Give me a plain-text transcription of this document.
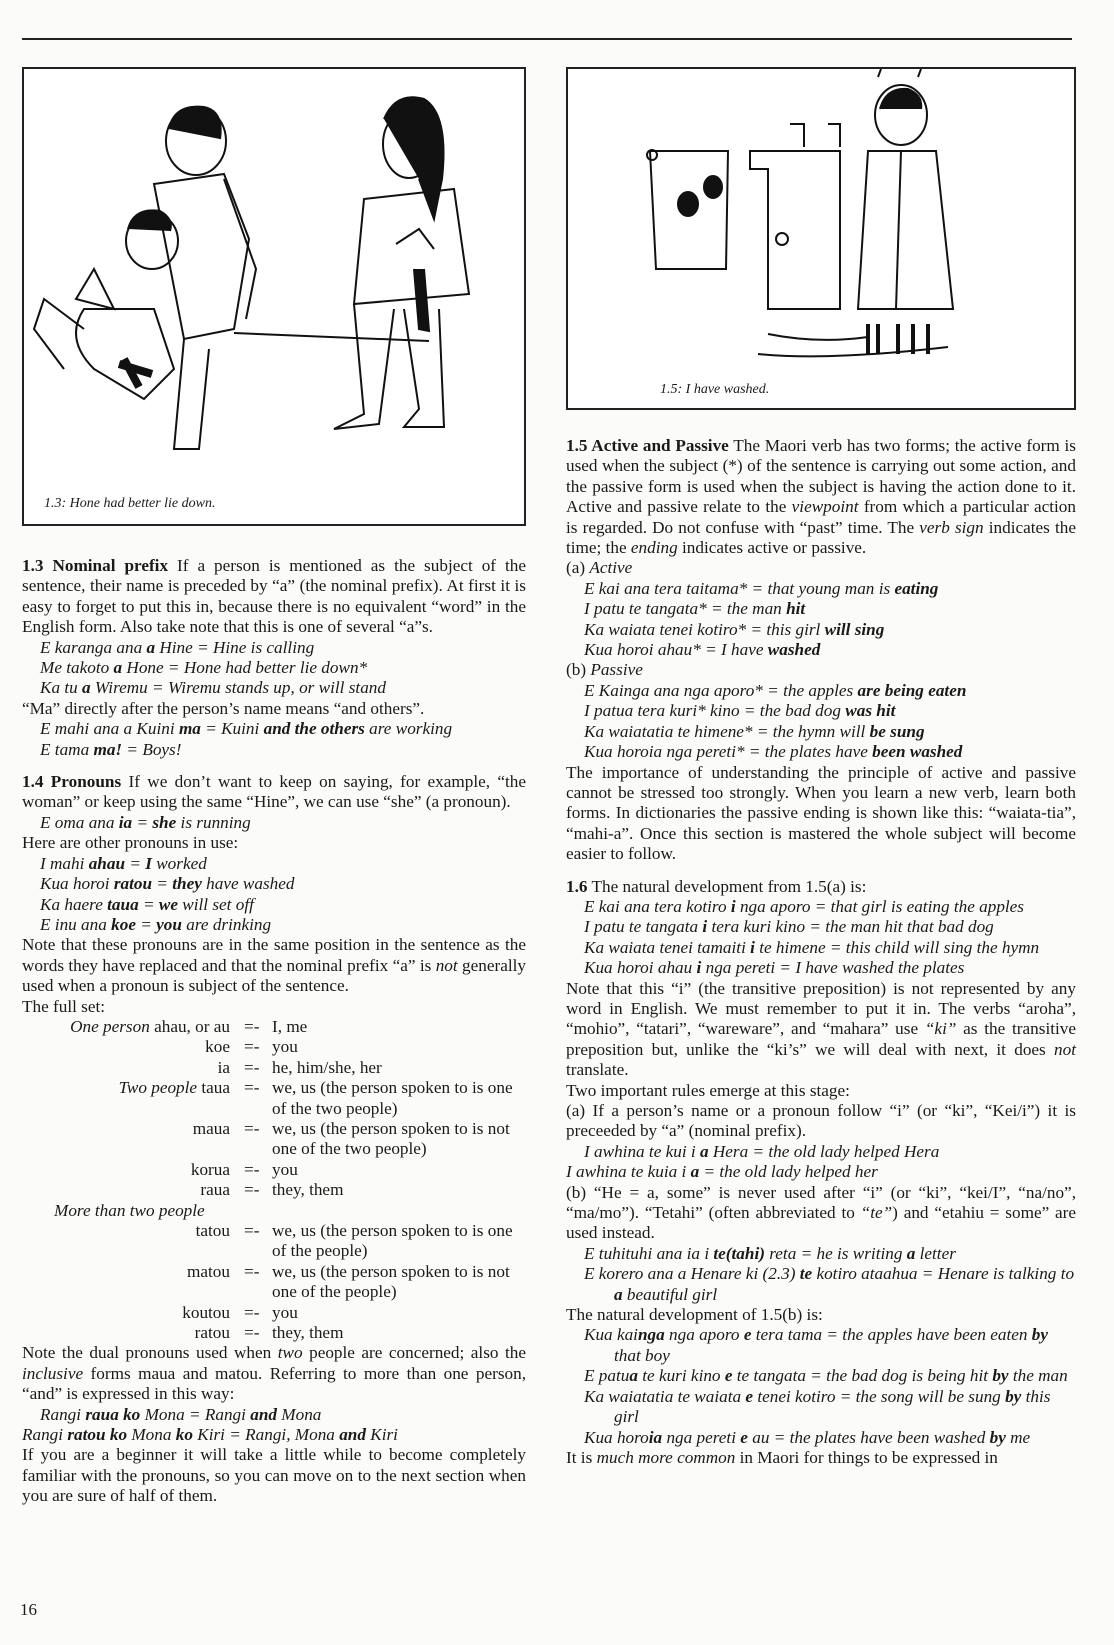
1.3: Hone had better lie down.
1.5: I have washed.

1.3 Nominal prefix If a person is mentioned as the subject of the sentence, their name is preceded by “a” (the nominal prefix). At first it is easy to forget to put this in, because there is no equivalent “word” in the English form. Also take note that this is one of several “a”s.

E karanga ana a Hine = Hine is calling
Me takoto a Hone = Hone had better lie down*
Ka tu a Wiremu = Wiremu stands up, or will stand

“Ma” directly after the person’s name means “and others”.

E mahi ana a Kuini ma = Kuini and the others are working
E tama ma! = Boys!

1.4 Pronouns If we don’t want to keep on saying, for example, “the woman” or keep using the same “Hine”, we can use “she” (a pronoun).

E oma ana ia = she is running

Here are other pronouns in use:

I mahi ahau = I worked
Kua horoi ratou = they have washed
Ka haere taua = we will set off
E inu ana koe = you are drinking

Note that these pronouns are in the same position in the sentence as the words they have replaced and that the nominal prefix “a” is not generally used when a pronoun is subject of the sentence.

The full set:

One person ahau, or au =- I, me
koe =- you
ia =- he, him/she, her
Two people taua =- we, us (the person spoken to is one of the two people)
maua =- we, us (the person spoken to is not one of the two people)
korua =- you
raua =- they, them
More than two people
tatou =- we, us (the person spoken to is one of the people)
matou =- we, us (the person spoken to is not one of the people)
koutou =- you
ratou =- they, them

Note the dual pronouns used when two people are concerned; also the inclusive forms maua and matou. Referring to more than one person, “and” is expressed in this way:

Rangi raua ko Mona = Rangi and Mona
Rangi ratou ko Mona ko Kiri = Rangi, Mona and Kiri

If you are a beginner it will take a little while to become completely familiar with the pronouns, so you can move on to the next section when you are sure of half of them.

1.5 Active and Passive The Maori verb has two forms; the active form is used when the subject (*) of the sentence is carrying out some action, and the passive form is used when the subject is having the action done to it. Active and passive relate to the viewpoint from which a particular action is regarded. Do not confuse with “past” time. The verb sign indicates the time; the ending indicates active or passive.

(a) Active
E kai ana tera taitama* = that young man is eating
I patu te tangata* = the man hit
Ka waiata tenei kotiro* = this girl will sing
Kua horoi ahau* = I have washed
(b) Passive
E Kainga ana nga aporo* = the apples are being eaten
I patua tera kuri* kino = the bad dog was hit
Ka waiatatia te himene* = the hymn will be sung
Kua horoia nga pereti* = the plates have been washed

The importance of understanding the principle of active and passive cannot be stressed too strongly. When you learn a new verb, learn both forms. In dictionaries the passive ending is shown like this: “waiata-tia”, “mahi-a”. Once this section is mastered the whole subject will become easier to follow.

1.6 The natural development from 1.5(a) is:

E kai ana tera kotiro i nga aporo = that girl is eating the apples
I patu te tangata i tera kuri kino = the man hit that bad dog
Ka waiata tenei tamaiti i te himene = this child will sing the hymn
Kua horoi ahau i nga pereti = I have washed the plates

Note that this “i” (the transitive preposition) is not represented by any word in English. We must remember to put it in. The verbs “aroha”, “mohio”, “tatari”, “wareware”, and “mahara” use “ki” as the transitive preposition but, unlike the “ki’s” we will deal with next, it does not translate.

Two important rules emerge at this stage:

(a) If a person’s name or a pronoun follow “i” (or “ki”, “Kei/i”) it is preceeded by “a” (nominal prefix).

I awhina te kui i a Hera = the old lady helped Hera
I awhina te kuia i a = the old lady helped her

(b) “He = a, some” is never used after “i” (or “ki”, “kei/I”, “na/no”, “ma/mo”). “Tetahi” (often abbreviated to “te”) and “etahiu = some” are used instead.

E tuhituhi ana ia i te(tahi) reta = he is writing a letter
E korero ana a Henare ki (2.3) te kotiro ataahua = Henare is talking to a beautiful girl

The natural development of 1.5(b) is:

Kua kainga nga aporo e tera tama = the apples have been eaten by that boy
E patua te kuri kino e te tangata = the bad dog is being hit by the man
Ka waiatatia te waiata e tenei kotiro = the song will be sung by this girl
Kua horoia nga pereti e au = the plates have been washed by me

It is much more common in Maori for things to be expressed in

16
